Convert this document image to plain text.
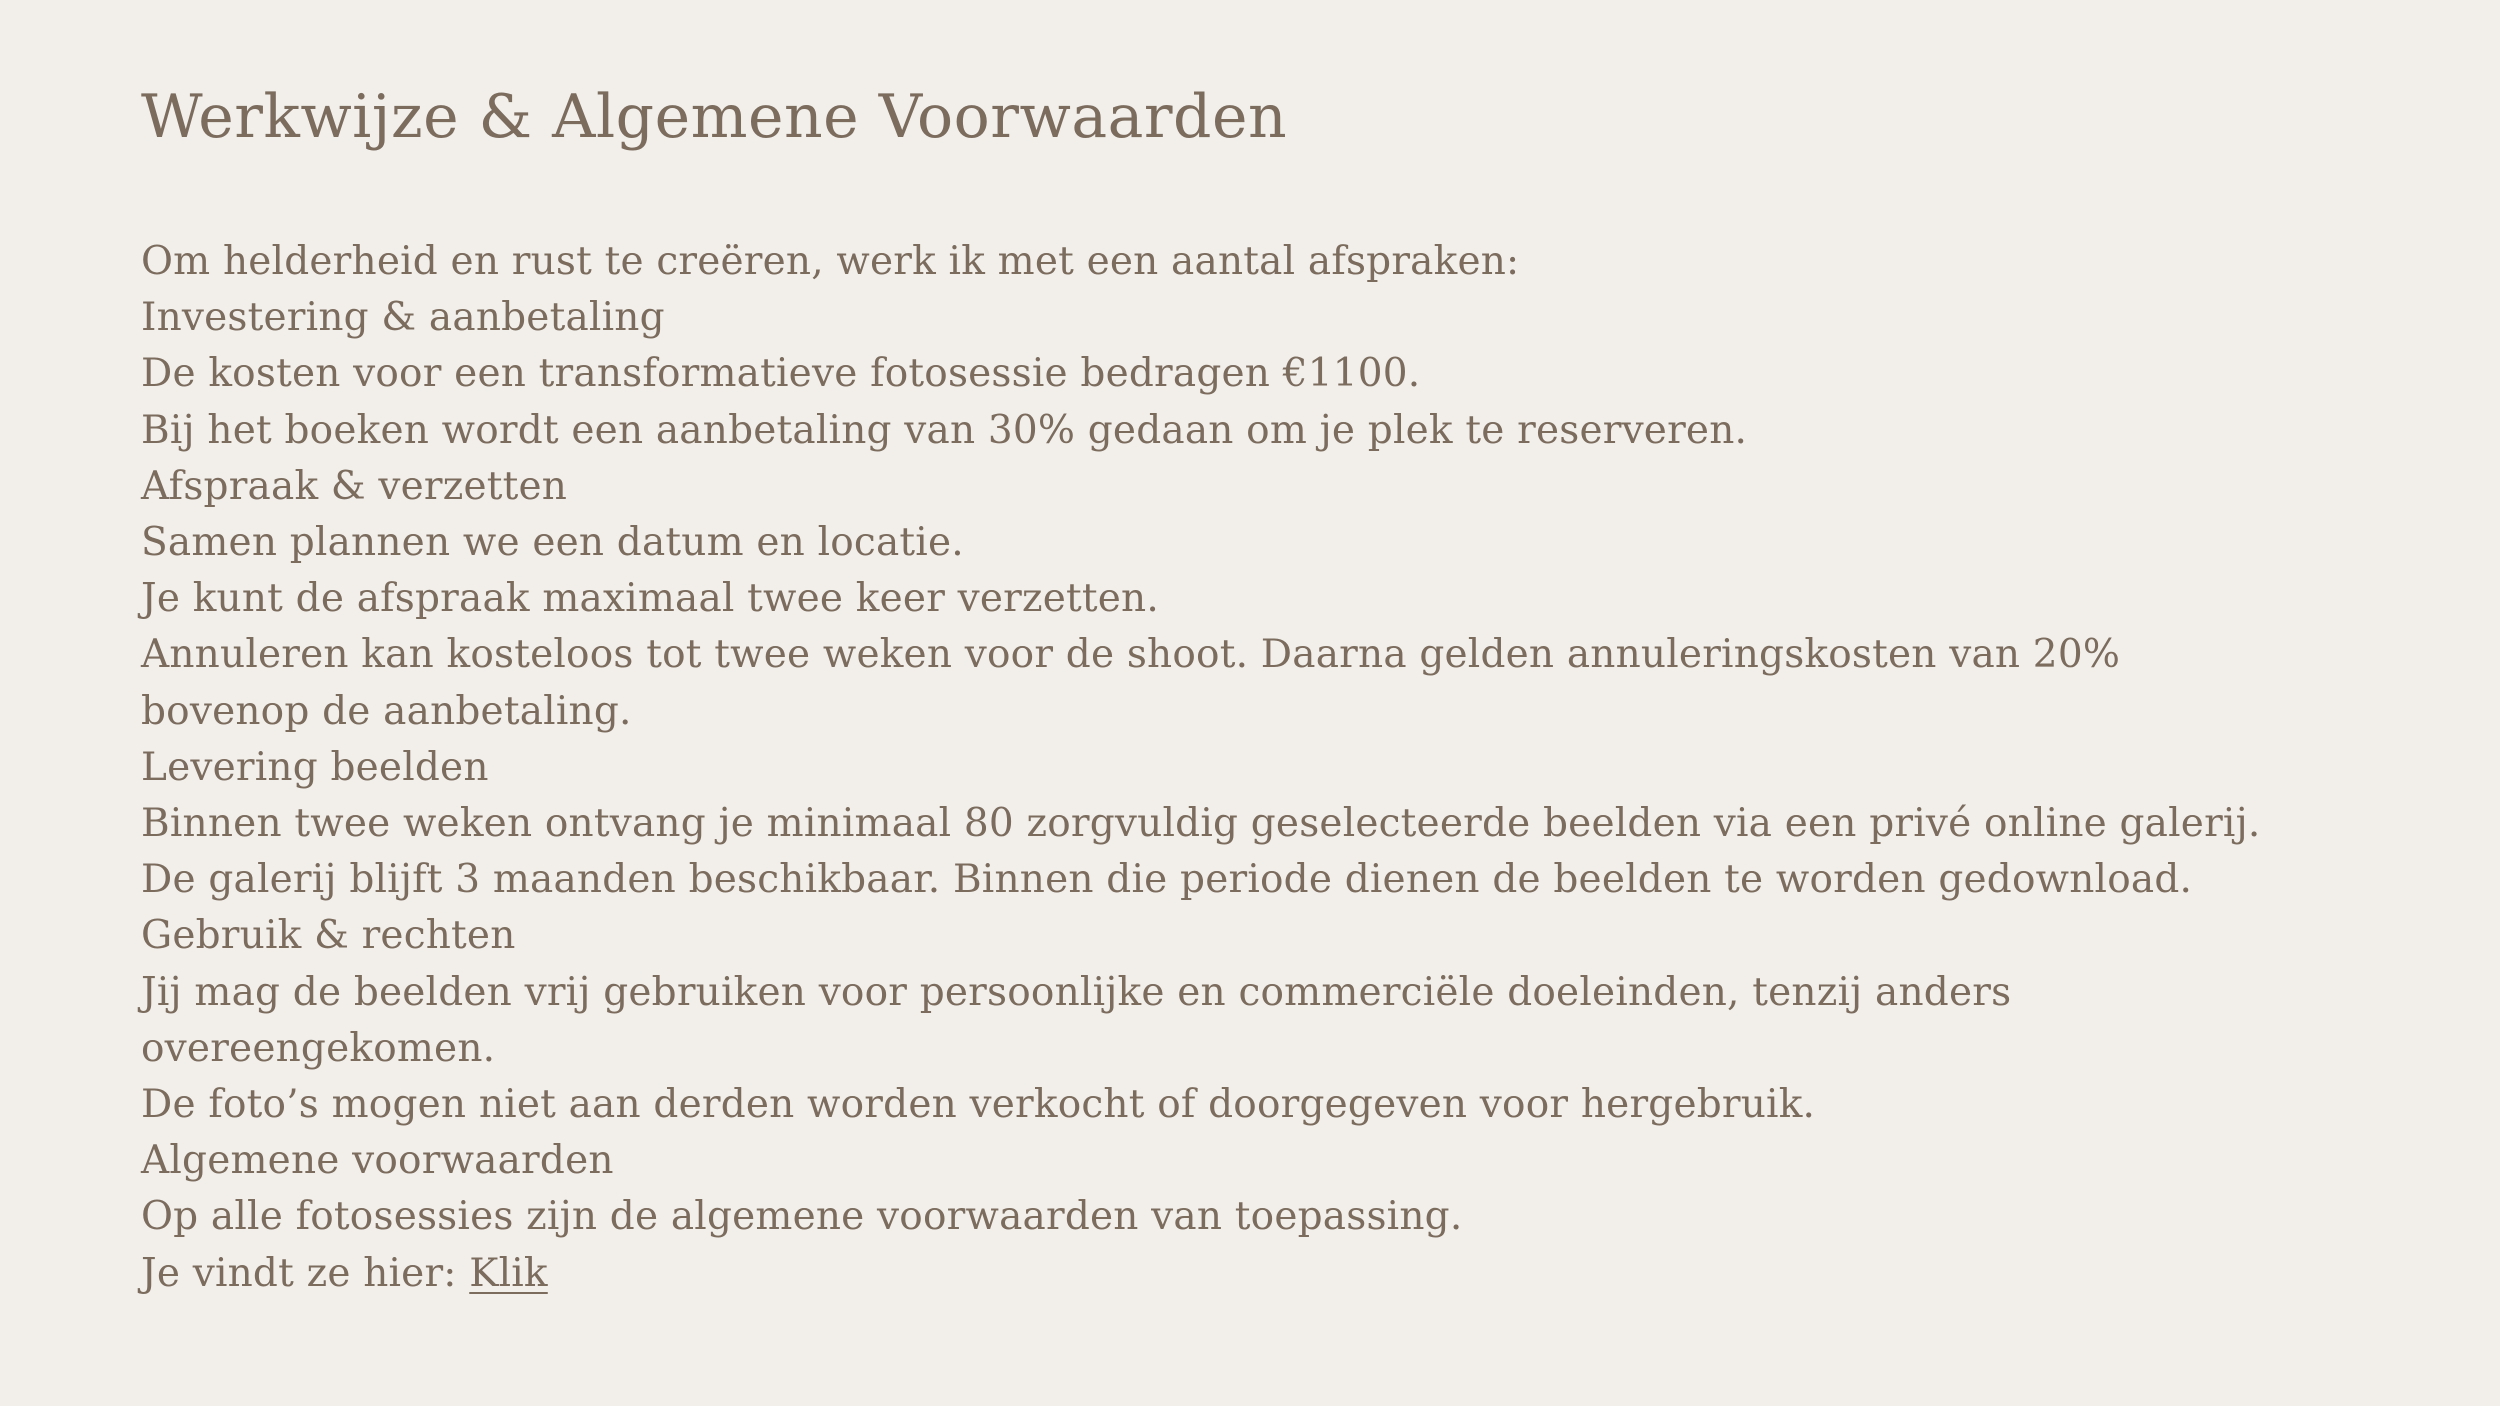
Werkwijze & Algemene Voorwaarden
Om helderheid en rust te creëren, werk ik met een aantal afspraken:
Investering & aanbetaling
De kosten voor een transformatieve fotosessie bedragen €1100.
Bij het boeken wordt een aanbetaling van 30% gedaan om je plek te reserveren.
Afspraak & verzetten
Samen plannen we een datum en locatie.
Je kunt de afspraak maximaal twee keer verzetten.
Annuleren kan kosteloos tot twee weken voor de shoot. Daarna gelden annuleringskosten van 20%
bovenop de aanbetaling.
Levering beelden
Binnen twee weken ontvang je minimaal 80 zorgvuldig geselecteerde beelden via een privé online galerij.
De galerij blijft 3 maanden beschikbaar. Binnen die periode dienen de beelden te worden gedownload.
Gebruik & rechten
Jij mag de beelden vrij gebruiken voor persoonlijke en commerciële doeleinden, tenzij anders
overeengekomen.
De foto’s mogen niet aan derden worden verkocht of doorgegeven voor hergebruik.
Algemene voorwaarden
Op alle fotosessies zijn de algemene voorwaarden van toepassing.
Je vindt ze hier: Klik
